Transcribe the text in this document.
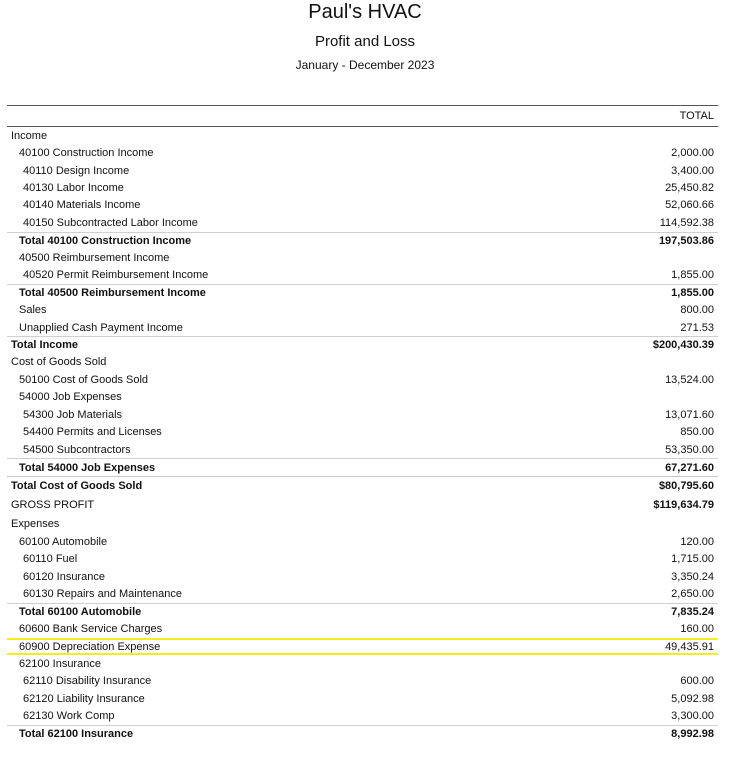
Paul's HVAC
Profit and Loss
January - December 2023
TOTAL
Income
40100 Construction Income	2,000.00
40110 Design Income	3,400.00
40130 Labor Income	25,450.82
40140 Materials Income	52,060.66
40150 Subcontracted Labor Income	114,592.38
Total 40100 Construction Income	197,503.86
40500 Reimbursement Income
40520 Permit Reimbursement Income	1,855.00
Total 40500 Reimbursement Income	1,855.00
Sales	800.00
Unapplied Cash Payment Income	271.53
Total Income	$200,430.39
Cost of Goods Sold
50100 Cost of Goods Sold	13,524.00
54000 Job Expenses
54300 Job Materials	13,071.60
54400 Permits and Licenses	850.00
54500 Subcontractors	53,350.00
Total 54000 Job Expenses	67,271.60
Total Cost of Goods Sold	$80,795.60
GROSS PROFIT	$119,634.79
Expenses
60100 Automobile	120.00
60110 Fuel	1,715.00
60120 Insurance	3,350.24
60130 Repairs and Maintenance	2,650.00
Total 60100 Automobile	7,835.24
60600 Bank Service Charges	160.00
60900 Depreciation Expense	49,435.91
62100 Insurance
62110 Disability Insurance	600.00
62120 Liability Insurance	5,092.98
62130 Work Comp	3,300.00
Total 62100 Insurance	8,992.98
